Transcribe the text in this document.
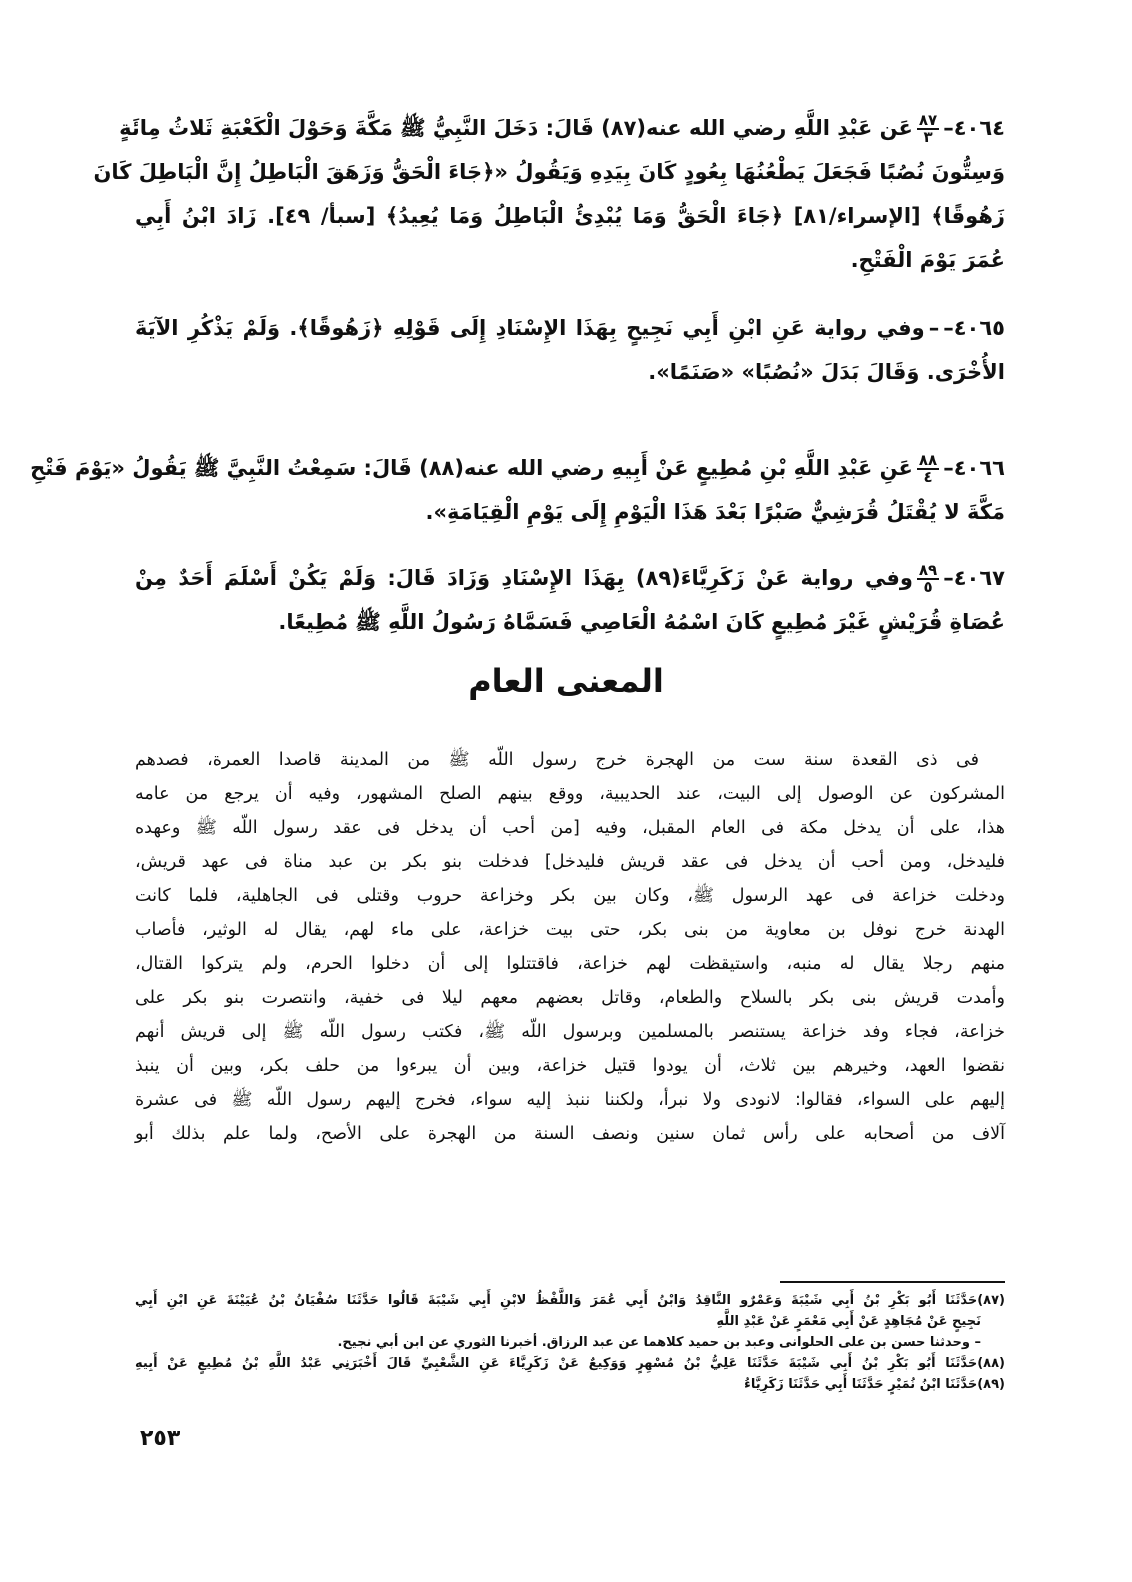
٤٠٦٤–
$\frac{٨٧}{٣}$
عَن عَبْدِ اللَّهِ رضي الله عنه(٨٧) قَالَ: دَخَلَ النَّبِيُّ ﷺ مَكَّةَ وَحَوْلَ الْكَعْبَةِ ثَلاثُ مِائَةٍ
وَسِتُّونَ نُصُبًا فَجَعَلَ يَطْعُنُهَا بِعُودٍ كَانَ بِيَدِهِ وَيَقُولُ «﴿جَاءَ الْحَقُّ وَزَهَقَ الْبَاطِلُ إِنَّ الْبَاطِلَ كَانَ
زَهُوقًا﴾ [الإسراء/٨١] ﴿جَاءَ الْحَقُّ وَمَا يُبْدِئُ الْبَاطِلُ وَمَا يُعِيدُ﴾ [سبأ/ ٤٩]. زَادَ ابْنُ أَبِي
عُمَرَ يَوْمَ الْفَتْحِ.
٤٠٦٥––وفي رواية عَنِ ابْنِ أَبِي نَجِيحٍ بِهَذَا الإِسْنَادِ إِلَى قَوْلِهِ ﴿زَهُوقًا﴾. وَلَمْ يَذْكُرِ الآيَةَ
الأُخْرَى. وَقَالَ بَدَلَ «نُصُبًا» «صَنَمًا».
٤٠٦٦–
$\frac{٨٨}{٤}$
عَنِ عَبْدِ اللَّهِ بْنِ مُطِيعٍ عَنْ أَبِيهِ رضي الله عنه(٨٨) قَالَ: سَمِعْتُ النَّبِيَّ ﷺ يَقُولُ «يَوْمَ فَتْحِ
مَكَّةَ لا يُقْتَلُ قُرَشِيٌّ صَبْرًا بَعْدَ هَذَا الْيَوْمِ إِلَى يَوْمِ الْقِيَامَةِ».
٤٠٦٧–
$\frac{٨٩}{٥}$
وفي رواية عَنْ زَكَرِيَّاءَ(٨٩) بِهَذَا الإِسْنَادِ وَزَادَ قَالَ: وَلَمْ يَكُنْ أَسْلَمَ أَحَدٌ مِنْ
عُصَاةِ قُرَيْشٍ غَيْرَ مُطِيعٍ كَانَ اسْمُهُ الْعَاصِي فَسَمَّاهُ رَسُولُ اللَّهِ ﷺ مُطِيعًا.
المعنى العام
فى ذى القعدة سنة ست من الهجرة خرج رسول اللّه ﷺ من المدينة قاصدا العمرة، فصدهم
المشركون عن الوصول إلى البيت، عند الحديبية، ووقع بينهم الصلح المشهور، وفيه أن يرجع من عامه
هذا، على أن يدخل مكة فى العام المقبل، وفيه [من أحب أن يدخل فى عقد رسول اللّه ﷺ وعهده
فليدخل، ومن أحب أن يدخل فى عقد قريش فليدخل] فدخلت بنو بكر بن عبد مناة فى عهد قريش،
ودخلت خزاعة فى عهد الرسول ﷺ، وكان بين بكر وخزاعة حروب وقتلى فى الجاهلية، فلما كانت
الهدنة خرج نوفل بن معاوية من بنى بكر، حتى بيت خزاعة، على ماء لهم، يقال له الوثير، فأصاب
منهم رجلا يقال له منبه، واستيقظت لهم خزاعة، فاقتتلوا إلى أن دخلوا الحرم، ولم يتركوا القتال،
وأمدت قريش بنى بكر بالسلاح والطعام، وقاتل بعضهم معهم ليلا فى خفية، وانتصرت بنو بكر على
خزاعة، فجاء وفد خزاعة يستنصر بالمسلمين وبرسول اللّه ﷺ، فكتب رسول اللّه ﷺ إلى قريش أنهم
نقضوا العهد، وخيرهم بين ثلاث، أن يودوا قتيل خزاعة، وبين أن يبرءوا من حلف بكر، وبين أن ينبذ
إليهم على السواء، فقالوا: لانودى ولا نبرأ، ولكننا ننبذ إليه سواء، فخرج إليهم رسول اللّه ﷺ فى عشرة
آلاف من أصحابه على رأس ثمان سنين ونصف السنة من الهجرة على الأصح، ولما علم بذلك أبو
(٨٧)حَدَّثَنَا أَبُو بَكْرِ بْنُ أَبِي شَيْبَةَ وَعَمْرٌو النَّاقِدُ وَابْنُ أَبِي عُمَرَ وَاللَّفْظُ لابْنِ أَبِي شَيْبَةَ قَالُوا حَدَّثَنَا سُفْيَانُ بْنُ عُيَيْنَةَ عَنِ ابْنِ أَبِي
نَجِيحٍ عَنْ مُجَاهِدٍ عَنْ أَبِي مَعْمَرٍ عَنْ عَبْدِ اللَّهِ
– وحدثنا حسن بن على الحلوانى وعبد بن حميد كلاهما عن عبد الرزاق. أخبرنا الثوري عن ابن أبي نجيح.
(٨٨)حَدَّثَنَا أَبُو بَكْرِ بْنُ أَبِي شَيْبَةَ حَدَّثَنَا عَلِيُّ بْنُ مُسْهِرٍ وَوَكِيعٌ عَنْ زَكَرِيَّاءَ عَنِ الشَّعْبِيِّ قَالَ أَخْبَرَنِي عَبْدُ اللَّهِ بْنُ مُطِيعٍ عَنْ أَبِيهِ
(٨٩)حَدَّثَنَا ابْنُ نُمَيْرٍ حَدَّثَنَا أَبِي حَدَّثَنَا زَكَرِيَّاءُ
٢٥٣
